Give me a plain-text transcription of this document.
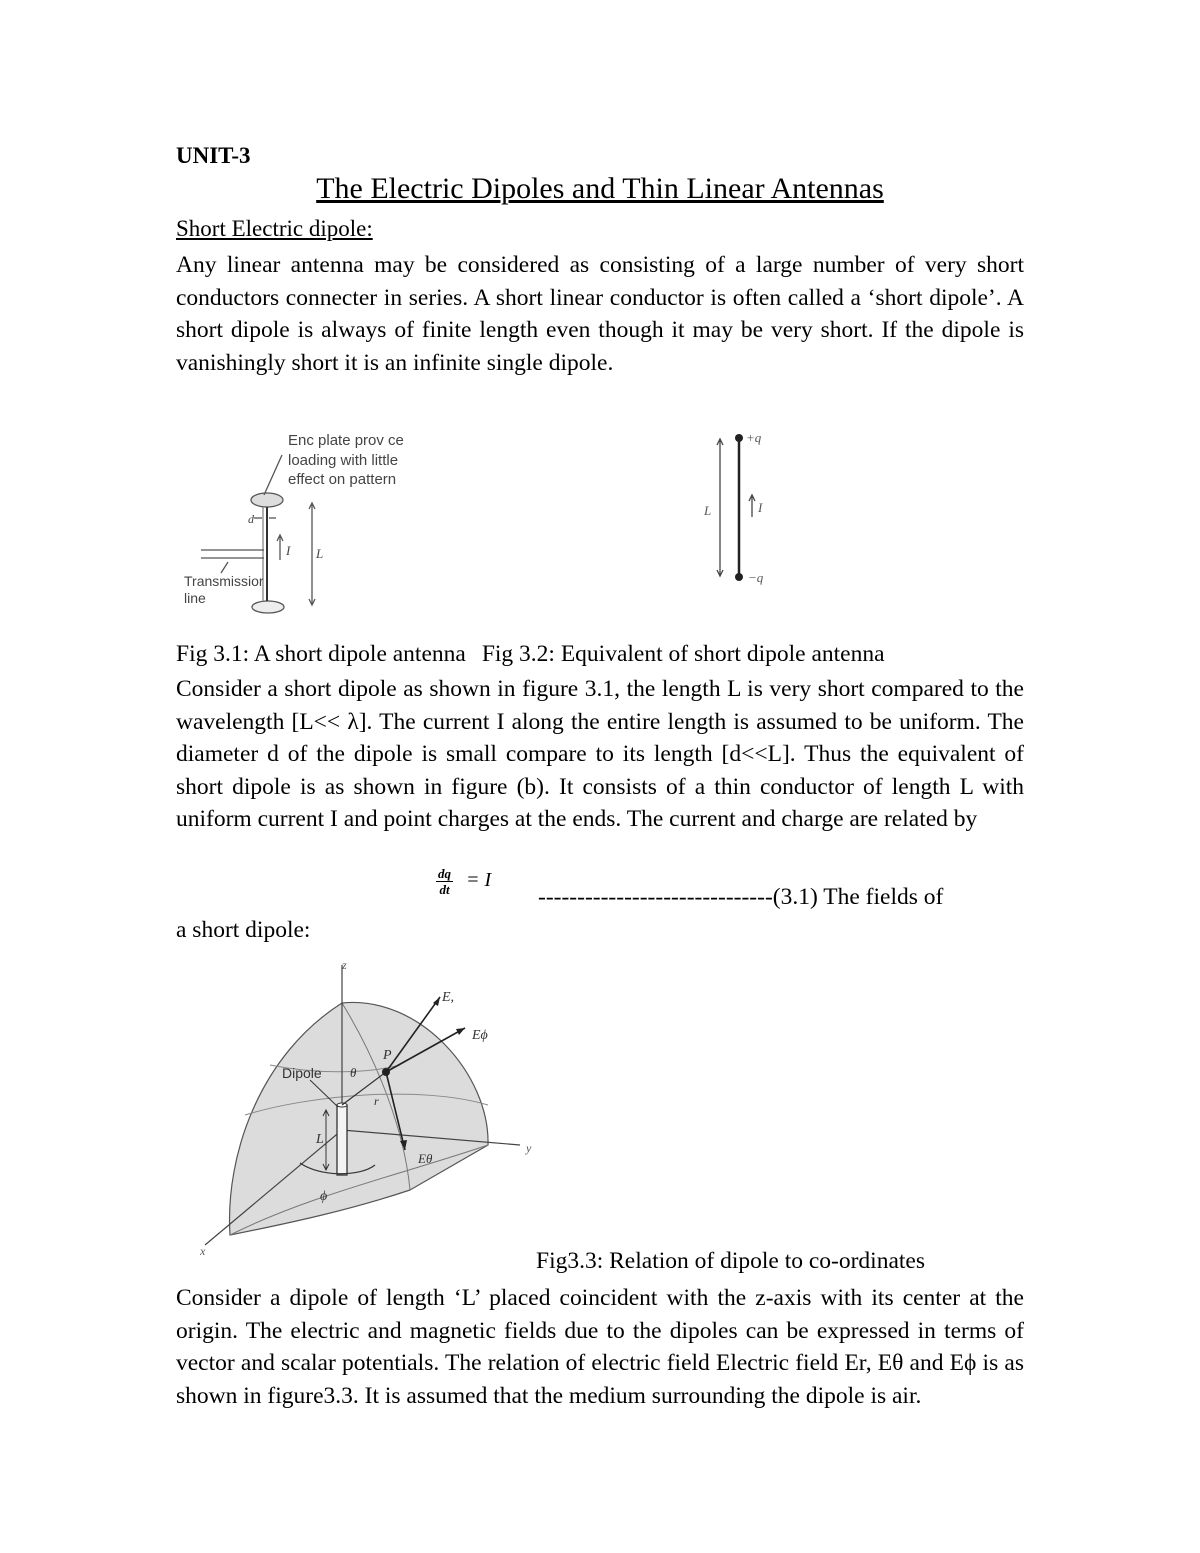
UNIT-3
The Electric Dipoles and Thin Linear Antennas
Short Electric dipole:
Any linear antenna may be considered as consisting of a large number of very short conductors connecter in series. A short linear conductor is often called a ‘short dipole’. A short dipole is always of finite length even though it may be very short. If the dipole is vanishingly short it is an infinite single dipole.
Enc plate prov ce
loading with little
effect on pattern
d
I L
Transmissior
line
+q
−q
L	I
Fig 3.1: A short dipole antenna Fig 3.2: Equivalent of short dipole antenna
Consider a short dipole as shown in figure 3.1, the length L is very short compared to the wavelength [L<< λ]. The current I along the entire length is assumed to be uniform. The diameter d of the dipole is small compare to its length [d<<L]. Thus the equivalent of short dipole is as shown in figure (b). It consists of a thin conductor of length L with uniform current I and point charges at the ends. The current and charge are related by
$\frac{dq}{dt} = I$
------------------------------(3.1) The fields of
a short dipole:
z
y
x
E,
Eϕ
Eθ
P
Dipole θ
r
L
ϕ
Fig3.3: Relation of dipole to co-ordinates
Consider a dipole of length ‘L’ placed coincident with the z-axis with its center at the origin. The electric and magnetic fields due to the dipoles can be expressed in terms of vector and scalar potentials. The relation of electric field Electric field Er, Eθ and Eϕ is as shown in figure3.3. It is assumed that the medium surrounding the dipole is air.
